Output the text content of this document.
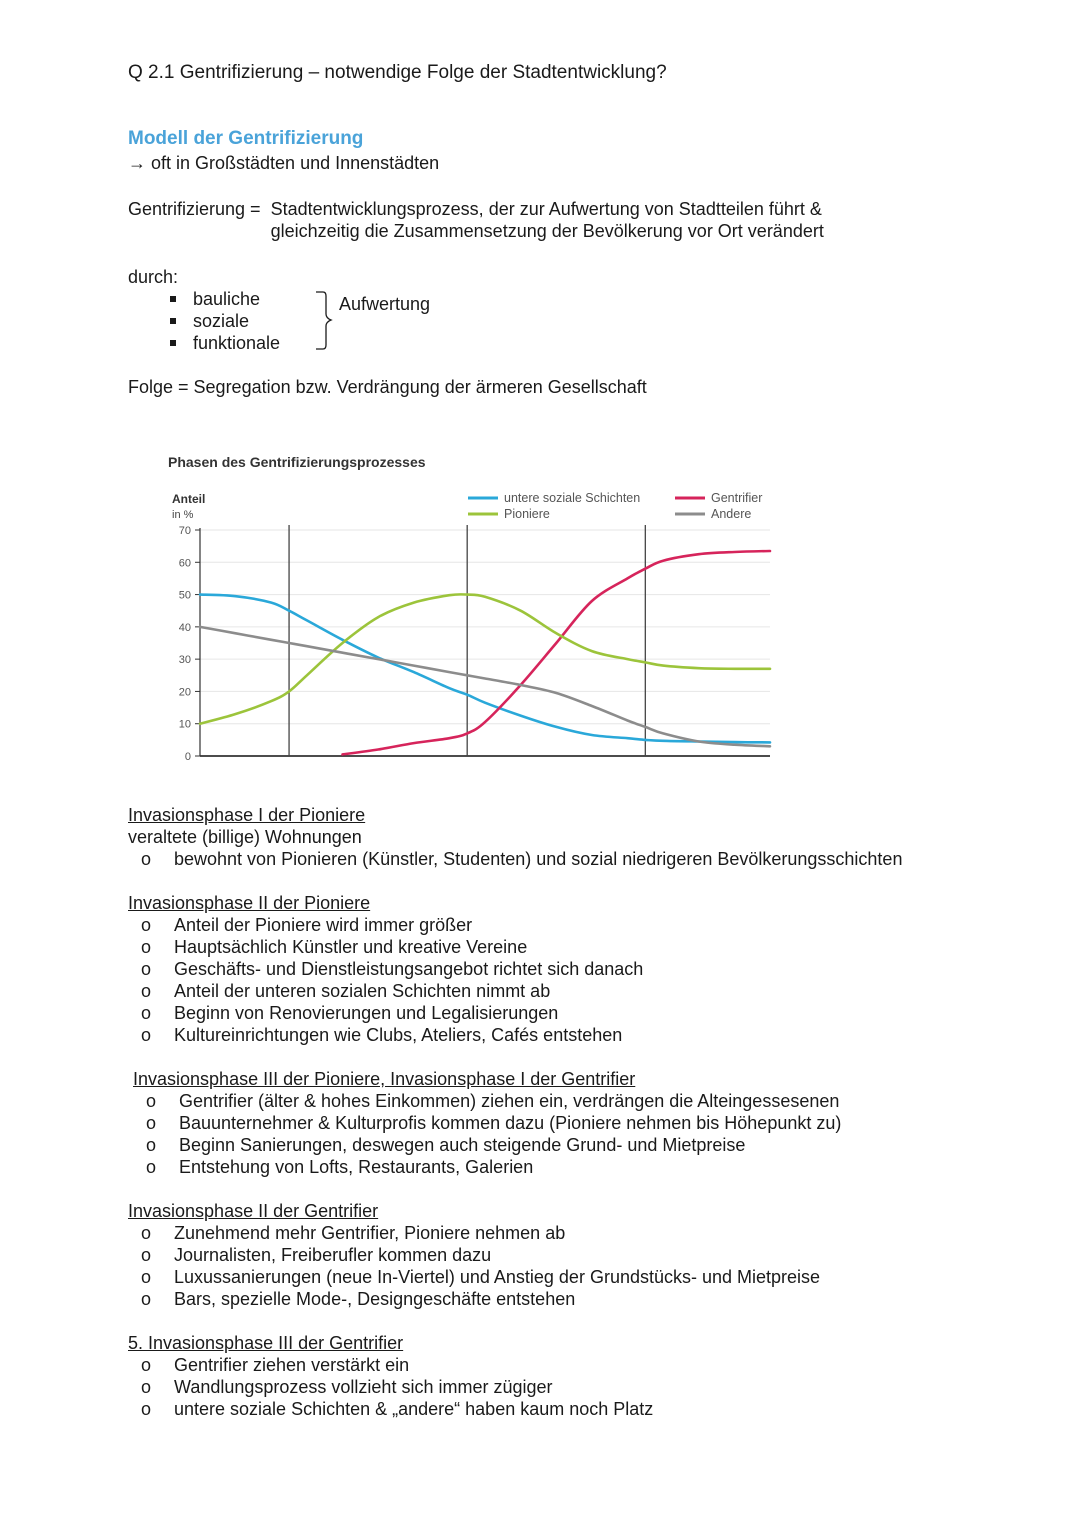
Q 2.1 Gentrifizierung – notwendige Folge der Stadtentwicklung?
Modell der Gentrifizierung
→ oft in Großstädten und Innenstädten
Gentrifizierung = Stadtentwicklungsprozess, der zur Aufwertung von Stadtteilen führt & gleichzeitig die Zusammensetzung der Bevölkerung vor Ort verändert
durch:
bauliche
soziale
funktionale
Aufwertung
Folge = Segregation bzw. Verdrängung der ärmeren Gesellschaft
Phasen des Gentrifizierungsprozesses
Anteil
in %
0
10
20
30
40
50
60
70
untere soziale Schichten
Pioniere
Gentrifier
Andere
Invasionsphase I der Pioniere
veraltete (billige) Wohnungen
o bewohnt von Pionieren (Künstler, Studenten) und sozial niedrigeren Bevölkerungsschichten
Invasionsphase II der Pioniere
o Anteil der Pioniere wird immer größer
o Hauptsächlich Künstler und kreative Vereine
o Geschäfts- und Dienstleistungsangebot richtet sich danach
o Anteil der unteren sozialen Schichten nimmt ab
o Beginn von Renovierungen und Legalisierungen
o Kultureinrichtungen wie Clubs, Ateliers, Cafés entstehen
Invasionsphase III der Pioniere, Invasionsphase I der Gentrifier
o Gentrifier (älter & hohes Einkommen) ziehen ein, verdrängen die Alteingessesenen
o Bauunternehmer & Kulturprofis kommen dazu (Pioniere nehmen bis Höhepunkt zu)
o Beginn Sanierungen, deswegen auch steigende Grund- und Mietpreise
o Entstehung von Lofts, Restaurants, Galerien
Invasionsphase II der Gentrifier
o Zunehmend mehr Gentrifier, Pioniere nehmen ab
o Journalisten, Freiberufler kommen dazu
o Luxussanierungen (neue In-Viertel) und Anstieg der Grundstücks- und Mietpreise
o Bars, spezielle Mode-, Designgeschäfte entstehen
5. Invasionsphase III der Gentrifier
o Gentrifier ziehen verstärkt ein
o Wandlungsprozess vollzieht sich immer zügiger
o untere soziale Schichten & „andere“ haben kaum noch Platz
